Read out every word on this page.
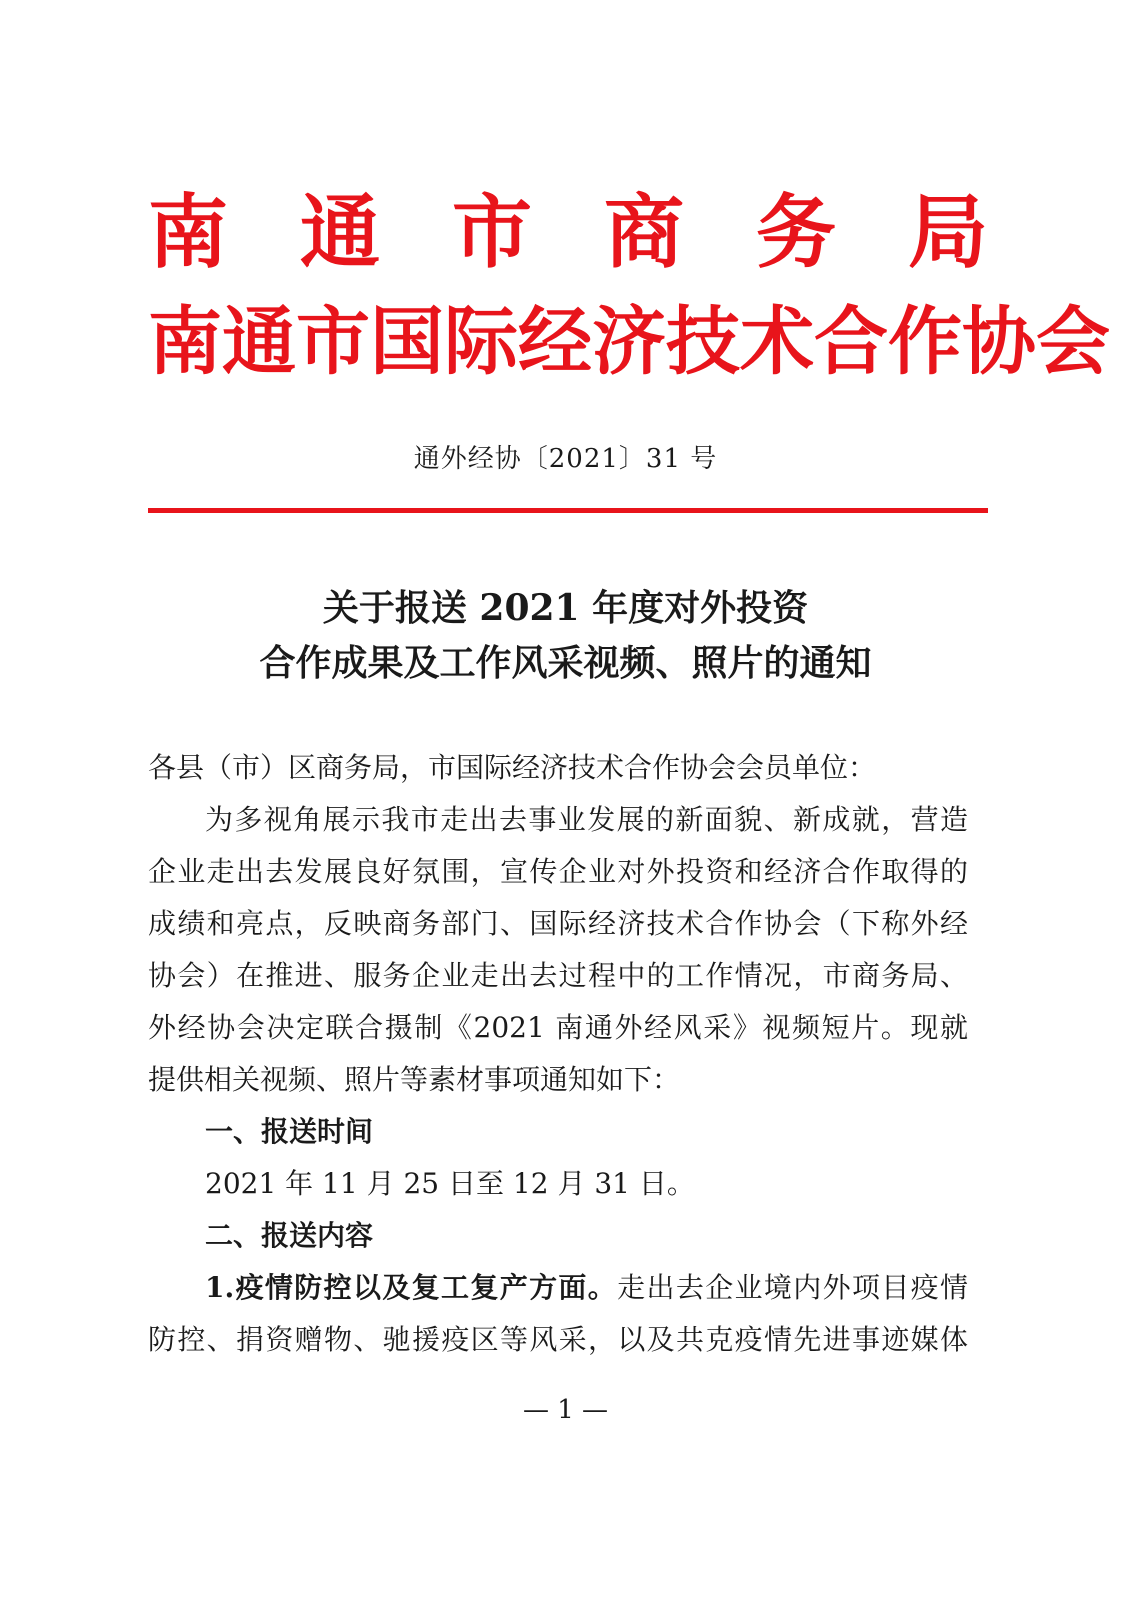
南 通 市 商 务 局
南 通 市 国 际 经 济 技 术 合 作 协 会
通外经协〔2021〕31 号
关于报送 2021 年度对外投资
合作成果及工作风采视频、照片的通知
各县（市）区商务局，市国际经济技术合作协会会员单位：
为多视角展示我市走出去事业发展的新面貌、新成就，营造
企业走出去发展良好氛围，宣传企业对外投资和经济合作取得的
成绩和亮点，反映商务部门、国际经济技术合作协会（下称外经
协会）在推进、服务企业走出去过程中的工作情况，市商务局、
外经协会决定联合摄制《2021 南通外经风采》视频短片。现就
提供相关视频、照片等素材事项通知如下：
一、报送时间
2021 年 11 月 25 日至 12 月 31 日。
二、报送内容
1.疫情防控以及复工复产方面。走出去企业境内外项目疫情
防控、捐资赠物、驰援疫区等风采，以及共克疫情先进事迹媒体
— 1 —
